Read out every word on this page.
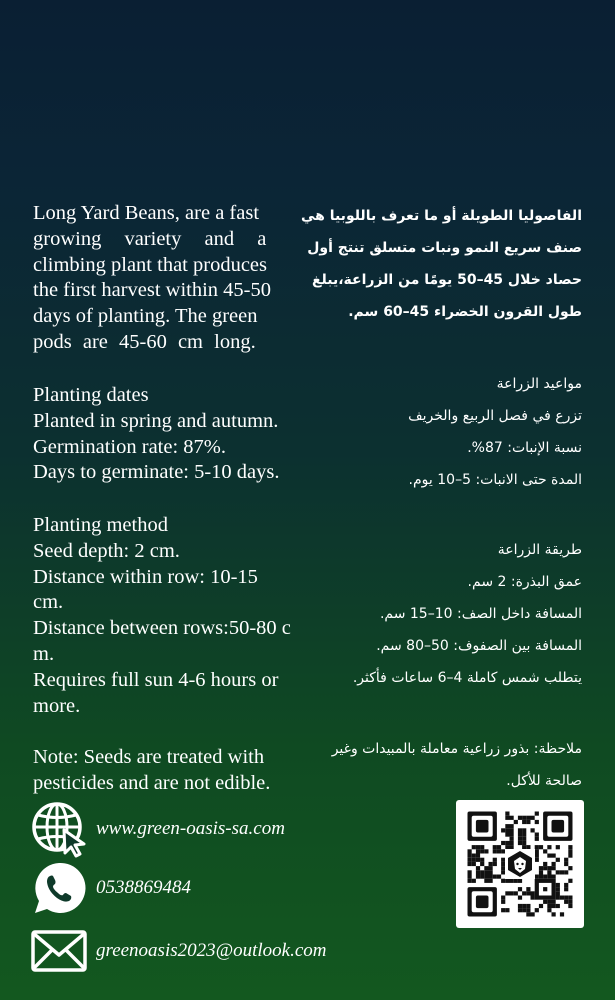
Long Yard Beans, are a fast
growing variety and a
climbing plant that produces
the first harvest within 45-50
days of planting. The green
pods are 45-60 cm long.
Planting dates
Planted in spring and autumn.
Germination rate: 87%.
Days to germinate: 5-10 days.
Planting method
Seed depth: 2 cm.
Distance within row: 10-15
cm.
Distance between rows:50-80 c
m.
Requires full sun 4-6 hours or
more.
Note: Seeds are treated with
pesticides and are not edible.
الفاصوليا الطويلة أو ما تعرف باللوبيا هي
صنف سريع النمو ونبات متسلق تنتج أول
حصاد خلال 45–50 يومًا من الزراعة،يبلغ
طول القرون الخضراء 45–60 سم.
مواعيد الزراعة
تزرع في فصل الربيع والخريف
نسبة الإنبات: 87%.
المدة حتى الانبات: 5–10 يوم.
طريقة الزراعة
عمق البذرة: 2 سم.
المسافة داخل الصف: 10–15 سم.
المسافة بين الصفوف: 50–80 سم.
يتطلب شمس كاملة 4–6 ساعات فأكثر.
ملاحظة: بذور زراعية معاملة بالمبيدات وغير
صالحة للأكل.
www.green-oasis-sa.com
0538869484
greenoasis2023@outlook.com
